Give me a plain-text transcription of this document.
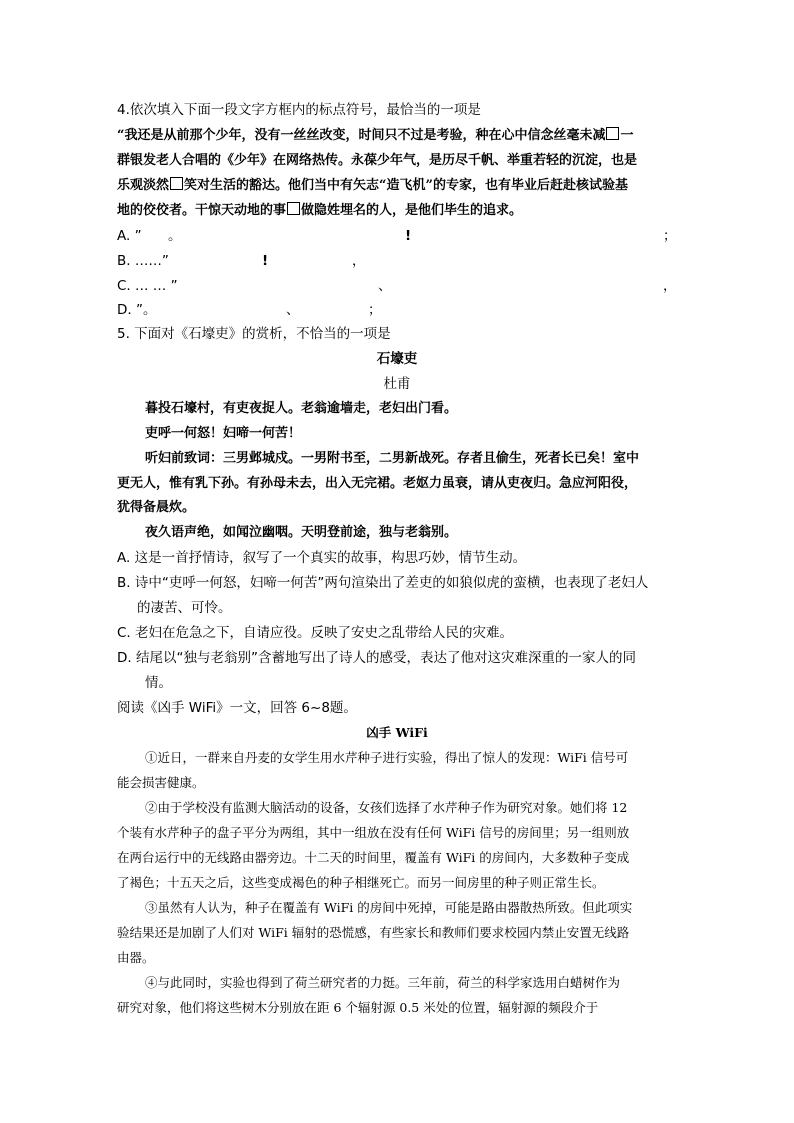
4.依次填入下面一段文字方框内的标点符号，最恰当的一项是
“我还是从前那个少年，没有一丝丝改变，时间只不过是考验，种在心中信念丝毫未减 一
群银发老人合唱的《少年》在网络热传。永葆少年气，是历尽千帆、举重若轻的沉淀，也是
乐观淡然 笑对生活的豁达。他们当中有矢志“造飞机”的专家，也有毕业后赶赴核试验基
地的佼佼者。干惊天动地的事 做隐姓埋名的人，是他们毕生的追求。
A. ” 。	!	；
B. ……”	!	，
C. … … ”	、	，
D. ”。	、	；
5. 下面对《石壕吏》的赏析，不恰当的一项是
石壕吏
杜甫
暮投石壕村，有吏夜捉人。老翁逾墙走，老妇出门看。
吏呼一何怒！妇啼一何苦！
听妇前致词：三男邺城戍。一男附书至，二男新战死。存者且偷生，死者长已矣！室中
更无人，惟有乳下孙。有孙母未去，出入无完裙。老妪力虽衰，请从吏夜归。急应河阳役，
犹得备晨炊。
夜久语声绝，如闻泣幽咽。天明登前途，独与老翁别。
A. 这是一首抒情诗，叙写了一个真实的故事，构思巧妙，情节生动。
B. 诗中“吏呼一何怒，妇啼一何苦”两句渲染出了差吏的如狼似虎的蛮横，也表现了老妇人
的凄苦、可怜。
C. 老妇在危急之下，自请应役。反映了安史之乱带给人民的灾难。
D. 结尾以“独与老翁别”含蓄地写出了诗人的感受，表达了他对这灾难深重的一家人的同
情。
阅读《凶手 WiFi》一文，回答 6~8题。
凶手 WiFi
①近日，一群来自丹麦的女学生用水芹种子进行实验，得出了惊人的发现：WiFi 信号可
能会损害健康。
②由于学校没有监测大脑活动的设备，女孩们选择了水芹种子作为研究对象。她们将 12
个装有水芹种子的盘子平分为两组，其中一组放在没有任何 WiFi 信号的房间里；另一组则放
在两台运行中的无线路由器旁边。十二天的时间里，覆盖有 WiFi 的房间内，大多数种子变成
了褐色；十五天之后，这些变成褐色的种子相继死亡。而另一间房里的种子则正常生长。
③虽然有人认为，种子在覆盖有 WiFi 的房间中死掉，可能是路由器散热所致。但此项实
验结果还是加剧了人们对 WiFi 辐射的恐慌感，有些家长和教师们要求校园内禁止安置无线路
由器。
④与此同时，实验也得到了荷兰研究者的力挺。三年前，荷兰的科学家选用白蜡树作为
研究对象，他们将这些树木分别放在距 6 个辐射源 0.5 米处的位置，辐射源的频段介于
